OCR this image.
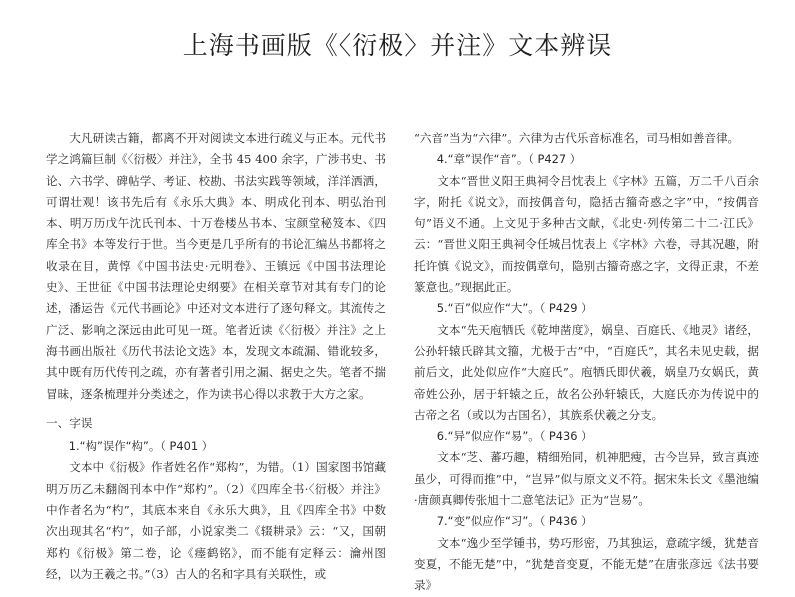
上海书画版《〈衍极〉并注》文本辨误

大凡研读古籍，都离不开对阅读文本进行疏义与正本。元代书学之鸿篇巨制《〈衍极〉并注》，全书 45 400 余字，广涉书史、书论、六书学、碑帖学、考证、校勘、书法实践等领域，洋洋洒洒，可谓壮观！该书先后有《永乐大典》本、明成化刊本、明弘治刊本、明万历戊午沈氏刊本、十万卷楼丛书本、宝颜堂秘笈本、《四库全书》本等发行于世。当今更是几乎所有的书论汇编丛书都将之收录在目，黄惇《中国书法史·元明卷》、王镇远《中国书法理论史》、王世征《中国书法理论史纲要》在相关章节对其有专门的论述，潘运告《元代书画论》中还对文本进行了逐句释文。其流传之广泛、影响之深远由此可见一斑。笔者近读《〈衍极〉并注》之上海书画出版社《历代书法论文选》本，发现文本疏漏、错讹较多，其中既有历代传刊之疏，亦有著者引用之漏、据史之失。笔者不揣冒昧，逐条梳理并分类述之，作为读书心得以求教于大方之家。

一、字误
1.“构”误作“构”。（ P401 ）

文本中《衍极》作者姓名作“郑构”，为错。（1）国家图书馆藏明万历乙未翻阁刊本中作“郑杓”。（2）《四库全书·〈衍极〉并注》中作者名为“杓”，其底本来自《永乐大典》，且《四库全书》中数次出现其名“杓”，如子部，小说家类二《辍耕录》云：“又，国朝郑杓《衍极》第二卷，论《瘗鹤铭》，而不能有定释云：瀹州图经，以为王羲之书。”（3）古人的名和字具有关联性，或

“六音”当为“六律”。六律为古代乐音标准名，司马相如善音律。

4.“章”误作“音”。（ P427 ）

文本“晋世义阳王典祠令吕忱表上《字林》五篇，万二千八百余字，附托《说文》，而按偶音句，隐括古籀奇惑之字”中，“按偶音句”语义不通。上文见于多种古文献，《北史·列传第二十二·江氏》云：“晋世义阳王典祠令任城吕忱表上《字林》六卷，寻其况趣，附托许慎《说文》，而按偶章句，隐别古籀奇惑之字，文得正隶，不差篆意也。”现据此正。

5.“百”似应作“大”。（ P429 ）

文本“先天庖牺氏《乾坤凿度》，娲皇、百庭氏、《地灵》诸经，公孙轩辕氏辟其文籀，尤极于古”中，“百庭氏”，其名未见史载，据前后文，此处似应作“大庭氏”。庖牺氏即伏羲，娲皇乃女娲氏，黄帝姓公孙，居于轩辕之丘，故名公孙轩辕氏，大庭氏亦为传说中的古帝之名（或以为古国名），其族系伏羲之分支。

6.“异”似应作“易”。（ P436 ）

文本“芝、蕃巧趣，精细殆同，机神肥瘦，古今岂异，致言真迹虽少，可得而推”中，“岂异”似与原文义不符。据宋朱长文《墨池编·唐颜真卿传张旭十二意笔法记》正为“岂易”。

7.“变”似应作“习”。（ P436 ）

文本“逸少至学锺书，势巧形密，乃其独运，意疏字缓，犹楚音变夏，不能无楚”中，“犹楚音变夏，不能无楚”在唐张彦远《法书要录》
